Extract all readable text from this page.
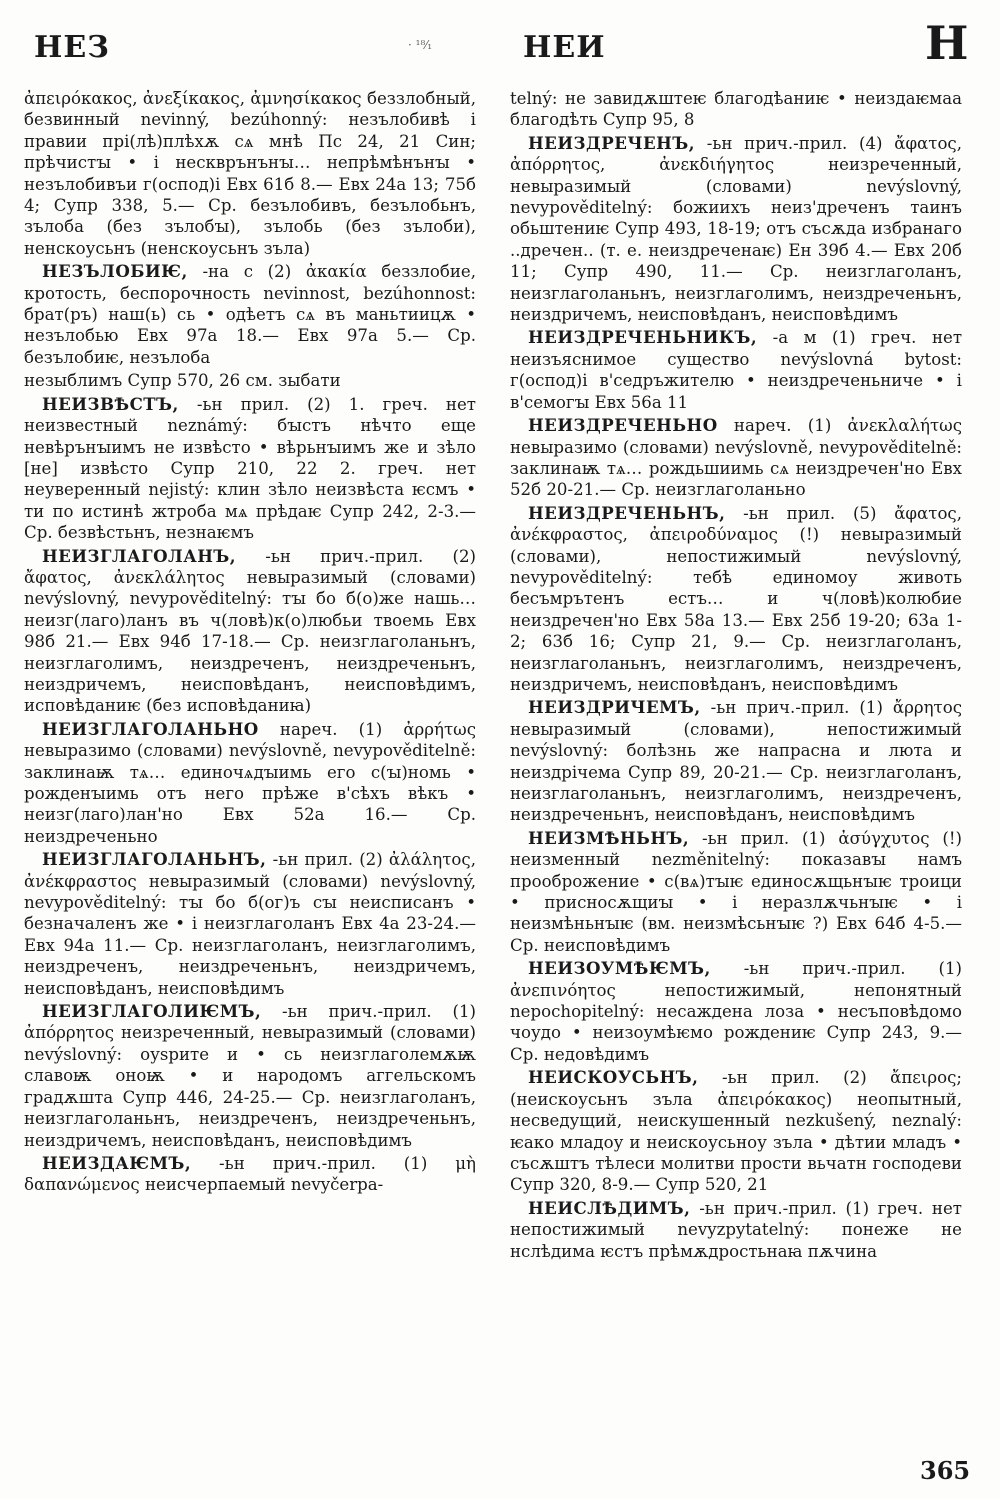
НЕЗ	· ¹⁸⁄₁	НЕИ	Н

ἀπειρόκακος, ἀνεξίκακος, ἀμνησίκακος беззлобный, безвинный nevinný, bezúhonný: незълобивѣ і правии прі(лѣ)плѣхѫ сѧ мнѣ Пс 24, 21 Син; прѣчистꙑ • і нескврънънꙑ… непрѣмѣнънꙑ • незълобивъи г(оспод)і Евх 61б 8.— Евх 24а 13; 75б 4; Супр 338, 5.— Ср. безълобивъ, безълобьнъ, зълоба (без зълобꙑ), зълобь (без зълоби), ненскоусьнъ (ненскоусьнъ зъла)

НЕЗЪЛОБИѤ, -на с (2) ἀκακία беззлобие, кротость, беспорочность nevinnost, bezúhonnost: брат(ръ) наш(ь) сь • одѣетъ сѧ въ маньтиицѫ • незълобью Евх 97а 18.— Евх 97а 5.— Ср. безълобиѥ, незълоба

незыблимъ Супр 570, 26 см. зыбати

НЕИЗВѢСТЪ, -ьн прил. (2) 1. греч. нет неизвестный neznámý: бꙑстъ нѣчто еще невѣрънꙑимъ не извѣсто • вѣрьнꙑимъ же и зѣло [не] извѣсто Супр 210, 22 2. греч. нет неуверенный nejistý: клин зѣло неизвѣста ѥсмъ • ти по истинѣ жтроба мѧ прѣдаѥ Супр 242, 2-3.— Ср. безвѣстьнъ, незнаѥмъ

НЕИЗГЛАГОЛАНЪ, -ьн прич.-прил. (2) ἄφατος, ἀνεκλάλητος невыразимый (словами) nevýslovný, nevypověditelný: тꙑ бо б(о)же нашь… неизг(лаго)ланъ въ ч(ловѣ)к(о)любьи твоемь Евх 98б 21.— Евх 94б 17-18.— Ср. неизглаголаньнъ, неизглаголимъ, неиздреченъ, неиздреченьнъ, неиздричемъ, неисповѣданъ, неисповѣдимъ, исповѣданиѥ (без исповѣданиꙗ)

НЕИЗГЛАГОЛАНЬНО нареч. (1) ἀρρήτως невыразимо (словами) nevýslovně, nevypověditelně: заклинаѭ тѧ… единочѧдꙑимь его с(ꙑ)номь • рожденꙑимь отъ него прѣже в'сѣхъ вѣкъ • неизг(лаго)лан'но Евх 52а 16.— Ср. неиздреченьно

НЕИЗГЛАГОЛАНЬНЪ, -ьн прил. (2) ἀλάλητος, ἀνέκφραστος невыразимый (словами) nevýslovný, nevypověditelný: тꙑ бо б(ог)ъ сꙑ неисписанъ • безначаленъ же • і неизглаголанъ Евх 4а 23-24.— Евх 94а 11.— Ср. неизглаголанъ, неизглаголимъ, неиздреченъ, неиздреченьнъ, неиздричемъ, неисповѣданъ, неисповѣдимъ

НЕИЗГЛАГОЛИѤМЪ, -ьн прич.-прил. (1) ἀπόρρητος неизреченный, невыразимый (словами) nevýslovný: оуѕрите и • сь неизглаголемѫѭ славоѭ оноѭ • и народомъ аггельскомъ градѫшта Супр 446, 24-25.— Ср. неизглаголанъ, неизглаголаньнъ, неиздреченъ, неиздреченьнъ, неиздричемъ, неисповѣданъ, неисповѣдимъ

НЕИЗДАѤМЪ, -ьн прич.-прил. (1) μὴ δαπανώμενος неисчерпаемый nevyčerpa-

telný: не завидѫштеѥ благодѣаниѥ • неиздаѥмаа благодѣть Супр 95, 8

НЕИЗДРЕЧЕНЪ, -ьн прич.-прил. (4) ἄφατος, ἀπόρρητος, ἀνεκδιήγητος неизреченный, невыразимый (словами) nevýslovný, nevypověditelný: божиихъ неиз'дреченъ таинъ обьштениѥ Супр 493, 18-19; отъ съсѫда избранаго ..дречен.. (т. е. неиздреченаѥ) Ен 39б 4.— Евх 20б 11; Супр 490, 11.— Ср. неизглаголанъ, неизглаголаньнъ, неизглаголимъ, неиздреченьнъ, неиздричемъ, неисповѣданъ, неисповѣдимъ

НЕИЗДРЕЧЕНЬНИКЪ, -а м (1) греч. нет неизъяснимое существо nevýslovná bytost: г(оспод)і в'седръжителю • неиздреченьниче • і в'семогꙑ Евх 56а 11

НЕИЗДРЕЧЕНЬНО нареч. (1) ἀνεκλαλήτως невыразимо (словами) nevýslovně, nevypověditelně: заклинаѭ тѧ… рождьшиимь сѧ неиздречен'но Евх 52б 20-21.— Ср. неизглаголаньно

НЕИЗДРЕЧЕНЬНЪ, -ьн прил. (5) ἄφατος, ἀνέκφραστος, ἀπειροδύναμος (!) невыразимый (словами), непостижимый nevýslovný, nevypověditelný: тебѣ единомоу животь бесъмрътенъ естъ… и ч(ловѣ)колюбие неиздречен'но Евх 58а 13.— Евх 25б 19-20; 63а 1-2; 63б 16; Супр 21, 9.— Ср. неизглаголанъ, неизглаголаньнъ, неизглаголимъ, неиздреченъ, неиздричемъ, неисповѣданъ, неисповѣдимъ

НЕИЗДРИЧЕМЪ, -ьн прич.-прил. (1) ἄρρητος невыразимый (словами), непостижимый nevýslovný: болѣзнь же напрасна и люта и неиздрічема Супр 89, 20-21.— Ср. неизглаголанъ, неизглаголаньнъ, неизглаголимъ, неиздреченъ, неиздреченьнъ, неисповѣданъ, неисповѣдимъ

НЕИЗМѢНЬНЪ, -ьн прил. (1) ἀσύγχυτος (!) неизменный nezměnitelný: показавꙑ намъ прооброжение • с(вѧ)тꙑѥ единосѫщьнꙑѥ троици • присносѫщиꙑ • і неразлѫчьнꙑѥ • і неизмѣньнꙑѥ (вм. неизмѣсьнꙑѥ ?) Евх 64б 4-5.— Ср. неисповѣдимъ

НЕИЗОУМѢѤМЪ, -ьн прич.-прил. (1) ἀνεπινόητος непостижимый, непонятный nepochopitelný: несаждена лоза • несъповѣдомо чоудо • неизоумѣѥмо рождениѥ Супр 243, 9.— Ср. недовѣдимъ

НЕИСКОУСЬНЪ, -ьн прил. (2) ἄπειρος; (неискоусьнъ зъла ἀπειρόκακος) неопытный, несведущий, неискушенный nezkušený, neznalý: ѥако младоу и неискоусьноу зъла • дѣтии младъ • съсѫштъ тѣлеси молитви прости вьчатн господеви Супр 320, 8-9.— Супр 520, 21

НЕИСЛѢДИМЪ, -ьн прич.-прил. (1) греч. нет непостижимый nevyzpytatelný: понеже не нслѣдима ѥстъ прѣмѫдростьнаꙗ пѫчина

365
